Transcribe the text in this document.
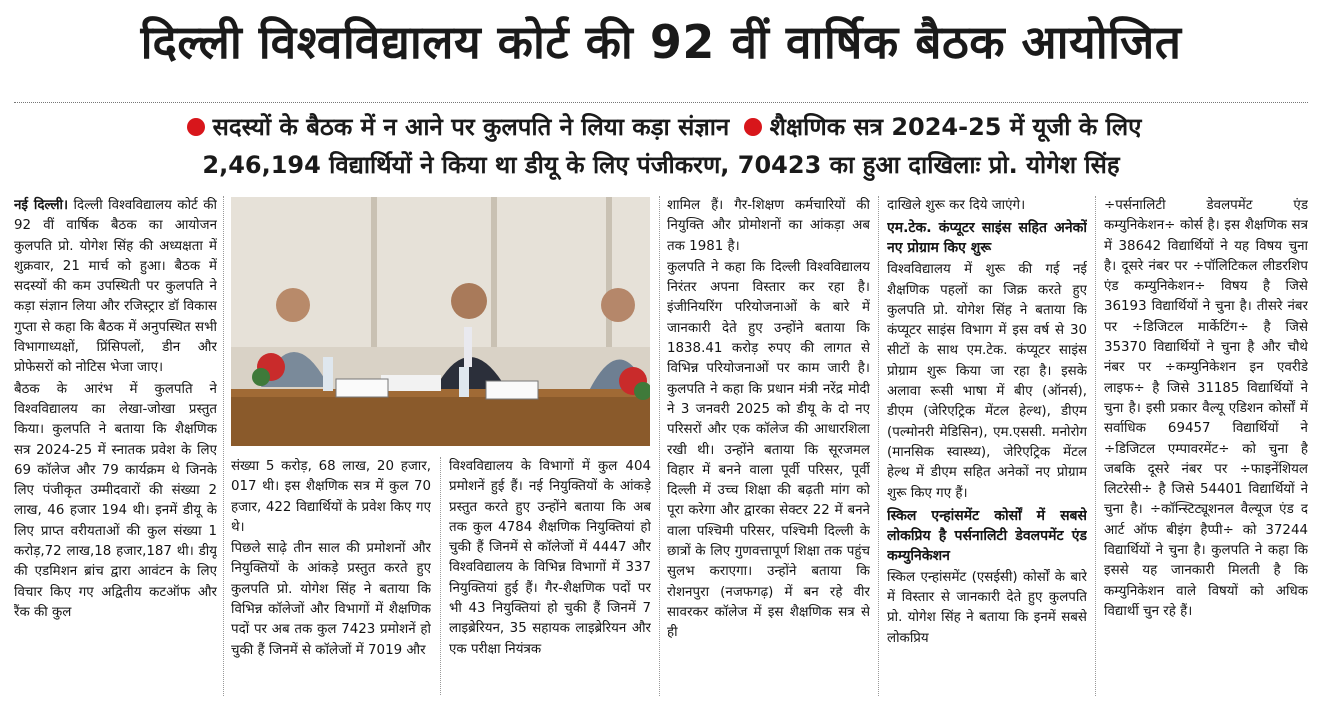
दिल्ली विश्वविद्यालय कोर्ट की 92 वीं वार्षिक बैठक आयोजित
सदस्यों के बैठक में न आने पर कुलपति ने लिया कड़ा संज्ञान शैक्षणिक सत्र 2024-25 में यूजी के लिए
2,46,194 विद्यार्थियों ने किया था डीयू के लिए पंजीकरण, 70423 का हुआ दाखिलाः प्रो. योगेश सिंह

नई दिल्ली। दिल्ली विश्वविद्यालय कोर्ट की 92 वीं वार्षिक बैठक का आयोजन कुलपति प्रो. योगेश सिंह की अध्यक्षता में शुक्रवार, 21 मार्च को हुआ। बैठक में सदस्यों की कम उपस्थिती पर कुलपति ने कड़ा संज्ञान लिया और रजिस्ट्रार डॉ विकास गुप्ता से कहा कि बैठक में अनुपस्थित सभी विभागाध्यक्षों, प्रिंसिपलों, डीन और प्रोफेसरों को नोटिस भेजा जाए।

बैठक के आरंभ में कुलपति ने विश्वविद्यालय का लेखा-जोखा प्रस्तुत किया। कुलपति ने बताया कि शैक्षणिक सत्र 2024-25 में स्नातक प्रवेश के लिए 69 कॉलेज और 79 कार्यक्रम थे जिनके लिए पंजीकृत उम्मीदवारों की संख्या 2 लाख, 46 हजार 194 थी। इनमें डीयू के लिए प्राप्त वरीयताओं की कुल संख्या 1 करोड़,72 लाख,18 हजार,187 थी। डीयू की एडमिशन ब्रांच द्वारा आवंटन के लिए विचार किए गए अद्वितीय कटऑफ और रैंक की कुल

संख्या 5 करोड़, 68 लाख, 20 हजार, 017 थी। इस शैक्षणिक सत्र में कुल 70 हजार, 422 विद्यार्थियों के प्रवेश किए गए थे।

पिछले साढ़े तीन साल की प्रमोशनों और नियुक्तियों के आंकड़े प्रस्तुत करते हुए कुलपति प्रो. योगेश सिंह ने बताया कि विभिन्न कॉलेजों और विभागों में शैक्षणिक पदों पर अब तक कुल 7423 प्रमोशनें हो चुकी हैं जिनमें से कॉलेजों में 7019 और

विश्वविद्यालय के विभागों में कुल 404 प्रमोशनें हुई हैं। नई नियुक्तियों के आंकड़े प्रस्तुत करते हुए उन्होंने बताया कि अब तक कुल 4784 शैक्षणिक नियुक्तियां हो चुकी हैं जिनमें से कॉलेजों में 4447 और विश्वविद्यालय के विभिन्न विभागों में 337 नियुक्तियां हुई हैं। गैर-शैक्षणिक पदों पर भी 43 नियुक्तियां हो चुकी हैं जिनमें 7 लाइब्रेरियन, 35 सहायक लाइब्रेरियन और एक परीक्षा नियंत्रक

शामिल हैं। गैर-शिक्षण कर्मचारियों की नियुक्ति और प्रोमोशनों का आंकड़ा अब तक 1981 है।

कुलपति ने कहा कि दिल्ली विश्वविद्यालय निरंतर अपना विस्तार कर रहा है। इंजीनियरिंग परियोजनाओं के बारे में जानकारी देते हुए उन्होंने बताया कि 1838.41 करोड़ रुपए की लागत से विभिन्न परियोजनाओं पर काम जारी है। कुलपति ने कहा कि प्रधान मंत्री नरेंद्र मोदी ने 3 जनवरी 2025 को डीयू के दो नए परिसरों और एक कॉलेज की आधारशिला रखी थी। उन्होंने बताया कि सूरजमल विहार में बनने वाला पूर्वी परिसर, पूर्वी दिल्ली में उच्च शिक्षा की बढ़ती मांग को पूरा करेगा और द्वारका सेक्टर 22 में बनने वाला पश्चिमी परिसर, पश्चिमी दिल्ली के छात्रों के लिए गुणवत्तापूर्ण शिक्षा तक पहुंच सुलभ कराएगा। उन्होंने बताया कि रोशनपुरा (नजफगढ़) में बन रहे वीर सावरकर कॉलेज में इस शैक्षणिक सत्र से ही

दाखिले शुरू कर दिये जाएंगे।

एम.टेक. कंप्यूटर साइंस सहित अनेकों नए प्रोग्राम किए शुरू

विश्वविद्यालय में शुरू की गई नई शैक्षणिक पहलों का जिक्र करते हुए कुलपति प्रो. योगेश सिंह ने बताया कि कंप्यूटर साइंस विभाग में इस वर्ष से 30 सीटों के साथ एम.टेक. कंप्यूटर साइंस प्रोग्राम शुरू किया जा रहा है। इसके अलावा रूसी भाषा में बीए (ऑनर्स), डीएम (जेरिएट्रिक मेंटल हेल्थ), डीएम (पल्मोनरी मेडिसिन), एम.एससी. मनोरोग (मानसिक स्वास्थ्य), जेरिएट्रिक मेंटल हेल्थ में डीएम सहित अनेकों नए प्रोग्राम शुरू किए गए हैं।

स्किल एन्हांसमेंट कोर्सों में सबसे लोकप्रिय है पर्सनालिटी डेवलपमेंट एंड कम्युनिकेशन

स्किल एन्हांसमेंट (एसईसी) कोर्सों के बारे में विस्तार से जानकारी देते हुए कुलपति प्रो. योगेश सिंह ने बताया कि इनमें सबसे लोकप्रिय

÷पर्सनालिटी डेवलपमेंट एंड कम्युनिकेशन÷ कोर्स है। इस शैक्षणिक सत्र में 38642 विद्यार्थियों ने यह विषय चुना है। दूसरे नंबर पर ÷पॉलिटिकल लीडरशिप एंड कम्युनिकेशन÷ विषय है जिसे 36193 विद्यार्थियों ने चुना है। तीसरे नंबर पर ÷डिजिटल मार्केटिंग÷ है जिसे 35370 विद्यार्थियों ने चुना है और चौथे नंबर पर ÷कम्युनिकेशन इन एवरीडे लाइफ÷ है जिसे 31185 विद्यार्थियों ने चुना है। इसी प्रकार वैल्यू एडिशन कोर्सों में सर्वाधिक 69457 विद्यार्थियों ने ÷डिजिटल एम्पावरमेंट÷ को चुना है जबकि दूसरे नंबर पर ÷फाइनेंशियल लिटरेसी÷ है जिसे 54401 विद्यार्थियों ने चुना है। ÷कॉन्स्टिट्यूशनल वैल्यूज एंड द आर्ट ऑफ बीइंग हैप्पी÷ को 37244 विद्यार्थियों ने चुना है। कुलपति ने कहा कि इससे यह जानकारी मिलती है कि कम्युनिकेशन वाले विषयों को अधिक विद्यार्थी चुन रहे हैं।
